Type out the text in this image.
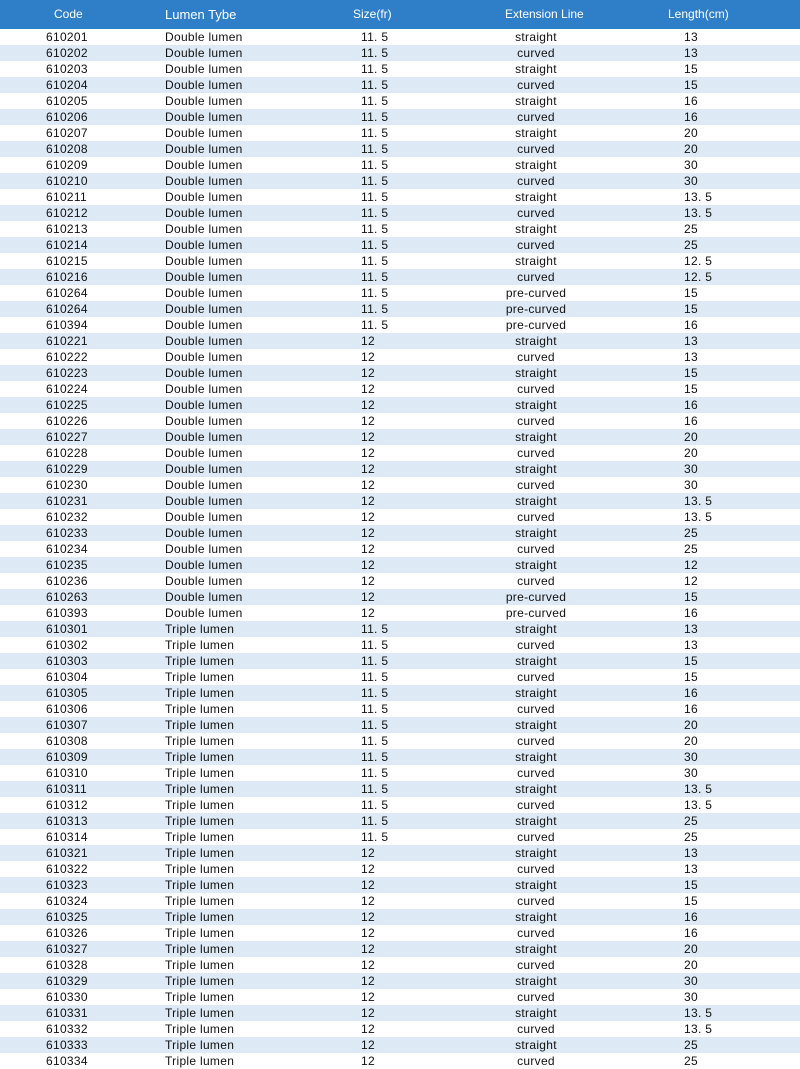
Code	Lumen Tybe	Size(fr)	Extension Line	Length(cm)
610201	Double lumen	11. 5	straight	13
610202	Double lumen	11. 5	curved	13
610203	Double lumen	11. 5	straight	15
610204	Double lumen	11. 5	curved	15
610205	Double lumen	11. 5	straight	16
610206	Double lumen	11. 5	curved	16
610207	Double lumen	11. 5	straight	20
610208	Double lumen	11. 5	curved	20
610209	Double lumen	11. 5	straight	30
610210	Double lumen	11. 5	curved	30
610211	Double lumen	11. 5	straight	13. 5
610212	Double lumen	11. 5	curved	13. 5
610213	Double lumen	11. 5	straight	25
610214	Double lumen	11. 5	curved	25
610215	Double lumen	11. 5	straight	12. 5
610216	Double lumen	11. 5	curved	12. 5
610264	Double lumen	11. 5	pre-curved	15
610264	Double lumen	11. 5	pre-curved	15
610394	Double lumen	11. 5	pre-curved	16
610221	Double lumen	12	straight	13
610222	Double lumen	12	curved	13
610223	Double lumen	12	straight	15
610224	Double lumen	12	curved	15
610225	Double lumen	12	straight	16
610226	Double lumen	12	curved	16
610227	Double lumen	12	straight	20
610228	Double lumen	12	curved	20
610229	Double lumen	12	straight	30
610230	Double lumen	12	curved	30
610231	Double lumen	12	straight	13. 5
610232	Double lumen	12	curved	13. 5
610233	Double lumen	12	straight	25
610234	Double lumen	12	curved	25
610235	Double lumen	12	straight	12
610236	Double lumen	12	curved	12
610263	Double lumen	12	pre-curved	15
610393	Double lumen	12	pre-curved	16
610301	Triple lumen	11. 5	straight	13
610302	Triple lumen	11. 5	curved	13
610303	Triple lumen	11. 5	straight	15
610304	Triple lumen	11. 5	curved	15
610305	Triple lumen	11. 5	straight	16
610306	Triple lumen	11. 5	curved	16
610307	Triple lumen	11. 5	straight	20
610308	Triple lumen	11. 5	curved	20
610309	Triple lumen	11. 5	straight	30
610310	Triple lumen	11. 5	curved	30
610311	Triple lumen	11. 5	straight	13. 5
610312	Triple lumen	11. 5	curved	13. 5
610313	Triple lumen	11. 5	straight	25
610314	Triple lumen	11. 5	curved	25
610321	Triple lumen	12	straight	13
610322	Triple lumen	12	curved	13
610323	Triple lumen	12	straight	15
610324	Triple lumen	12	curved	15
610325	Triple lumen	12	straight	16
610326	Triple lumen	12	curved	16
610327	Triple lumen	12	straight	20
610328	Triple lumen	12	curved	20
610329	Triple lumen	12	straight	30
610330	Triple lumen	12	curved	30
610331	Triple lumen	12	straight	13. 5
610332	Triple lumen	12	curved	13. 5
610333	Triple lumen	12	straight	25
610334	Triple lumen	12	curved	25
